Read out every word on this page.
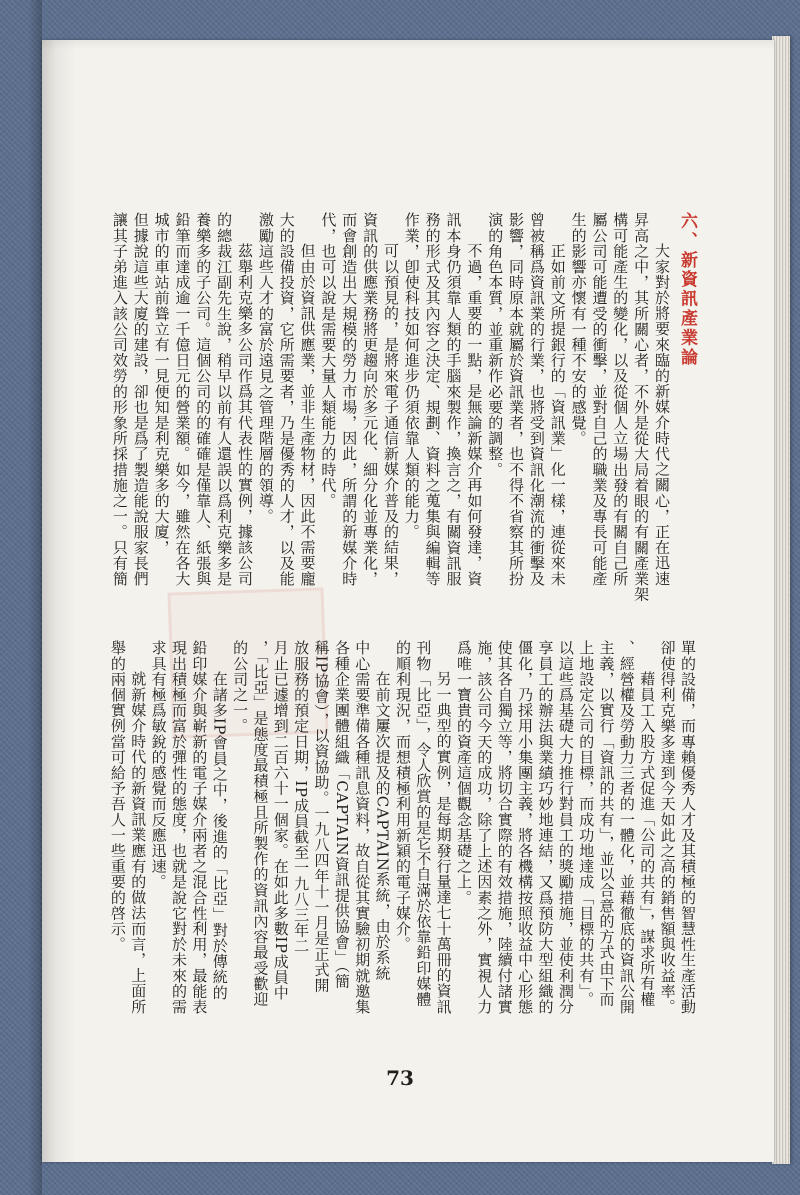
六、新資訊產業論
大家對於將要來臨的新媒介時代之關心，正在迅速
昇高之中，其所關心者，不外是從大局着眼的有關產業架
構可能產生的變化，以及從個人立場出發的有關自己所
屬公司可能遭受的衝擊，並對自己的職業及專長可能產
生的影響亦懷有一種不安的感覺。
正如前文所提銀行的「資訊業」化一樣，連從來未
曾被稱爲資訊業的行業，也將受到資訊化潮流的衝擊及
影響，同時原本就屬於資訊業者，也不得不省察其所扮
演的角色本質，並重新作必要的調整。
不過，重要的一點，是無論新媒介再如何發達，資
訊本身仍須靠人類的手腦來製作，換言之，有關資訊服
務的形式及其內容之決定、規劃、資料之蒐集與編輯等
作業，卽使科技如何進步仍須依靠人類的能力。
可以預見的，是將來電子通信新媒介普及的結果，
資訊的供應業務將更趨向於多元化、細分化並專業化，
而會創造出大規模的勞力市場，因此，所謂的新媒介時
代，也可以說是需要大量人類能力的時代。
但由於資訊供應業，並非生產物材，因此不需要龐
大的設備投資，它所需要者，乃是優秀的人才，以及能
激勵這些人才的富於遠見之管理階層的領導。
茲舉利克樂多公司作爲其代表性的實例，據該公司
的總裁江副先生說，稍早以前有人還誤以爲利克樂多是
養樂多的子公司。這個公司的的確確是僅靠人、紙張與
鉛筆而達成逾一千億日元的營業額。如今，雖然在各大
城市的車站前聳立有一見便知是利克樂多的大廈，
但據說這些大廈的建設，卻也是爲了製造能說服家長們
讓其子弟進入該公司效勞的形象所採措施之一。只有簡
單的設備，而專賴優秀人才及其積極的智慧性生產活動
卻使得利克樂多達到今天如此之高的銷售額與收益率。
藉員工入股方式促進「公司的共有」，謀求所有權
、經營權及勞動力三者的一體化，並藉徹底的資訊公開
主義，以實行「資訊的共有」，並以合意的方式由下而
上地設定公司的目標，而成功地達成「目標的共有」。
以這些爲基礎大力推行對員工的獎勵措施，並使利潤分
享員工的辦法與業績巧妙地連結，又爲預防大型組織的
僵化，乃採用小集團主義，將各機構按照收益中心形態
使其各自獨立等，將切合實際的有效措施，陸續付諸實
施，該公司今天的成功，除了上述因素之外，實視人力
爲唯一寶貴的資產這個觀念基礎之上。
另一典型的實例，是每期發行量達七十萬冊的資訊
刊物「比亞」，令人欣賞的是它不自滿於依靠鉛印媒體
的順利現況，而想積極利用新穎的電子媒介。
在前文屢次提及的CAPTAIN系統，由於系統
中心需要準備各種訊息資料，故自從其實驗初期就邀集
各種企業團體組織「CAPTAIN資訊提供協會」（簡
稱IP協會），以資協助。一九八四年十一月是正式開
放服務的預定日期，IP成員截至一九八三年二
月止已遽增到二百六十一個家。在如此多數IP成員中
，「比亞」是態度最積極且所製作的資訊內容最受歡迎
的公司之一。
在諸多IP會員之中，後進的「比亞」對於傳統的
鉛印媒介與嶄新的電子媒介兩者之混合性利用，最能表
現出積極而富於彈性的態度，也就是說它對於未來的需
求具有極爲敏銳的感覺而反應迅速。
就新媒介時代的新資訊業應有的做法而言，上面所
舉的兩個實例當可給予吾人一些重要的啓示。
73
